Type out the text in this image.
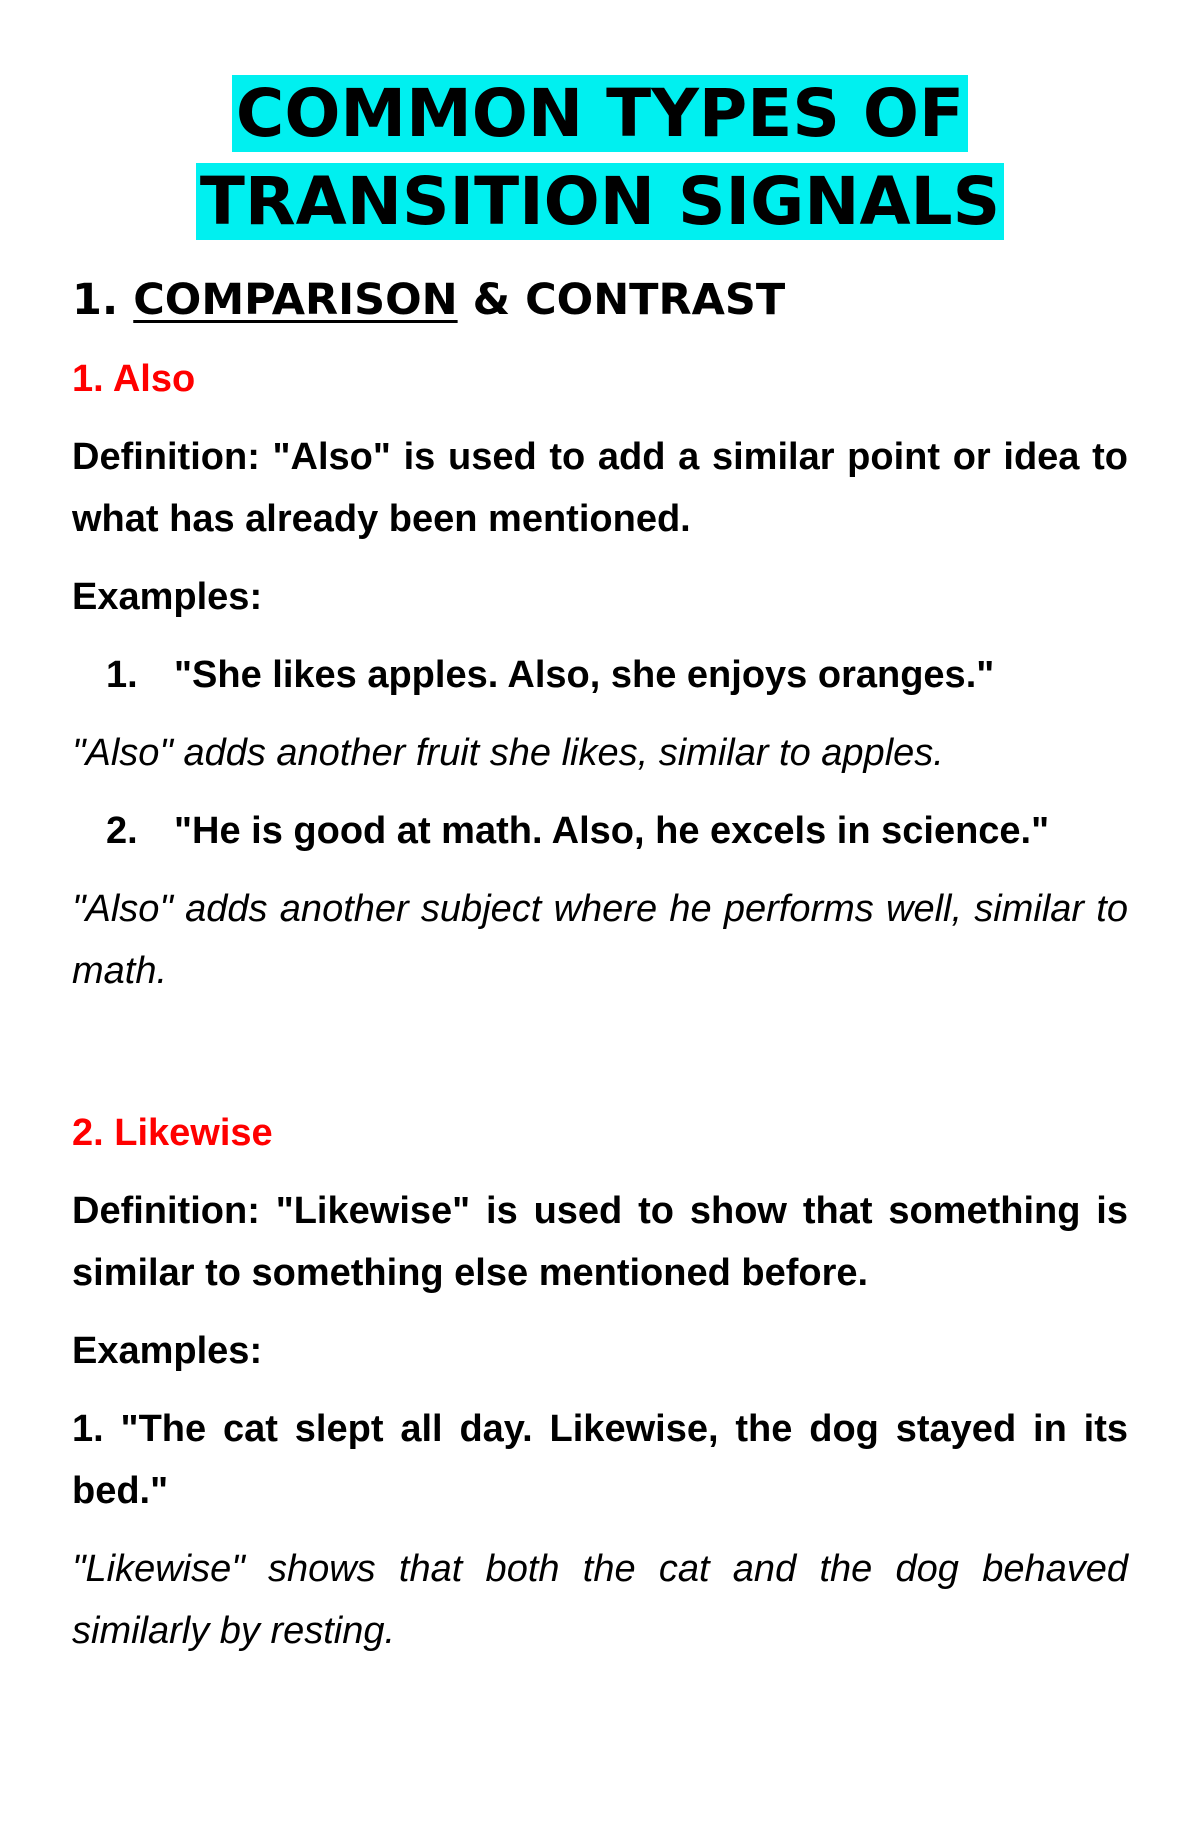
COMMON TYPES OF
TRANSITION SIGNALS
1. COMPARISON & CONTRAST

1. Also

Definition: "Also" is used to add a similar point or idea to what has already been mentioned.

Examples:

1. "She likes apples. Also, she enjoys oranges."

"Also" adds another fruit she likes, similar to apples.

2. "He is good at math. Also, he excels in science."

"Also" adds another subject where he performs well, similar to math.

2. Likewise

Definition: "Likewise" is used to show that something is similar to something else mentioned before.

Examples:

1. "The cat slept all day. Likewise, the dog stayed in its bed."

"Likewise" shows that both the cat and the dog behaved similarly by resting.
